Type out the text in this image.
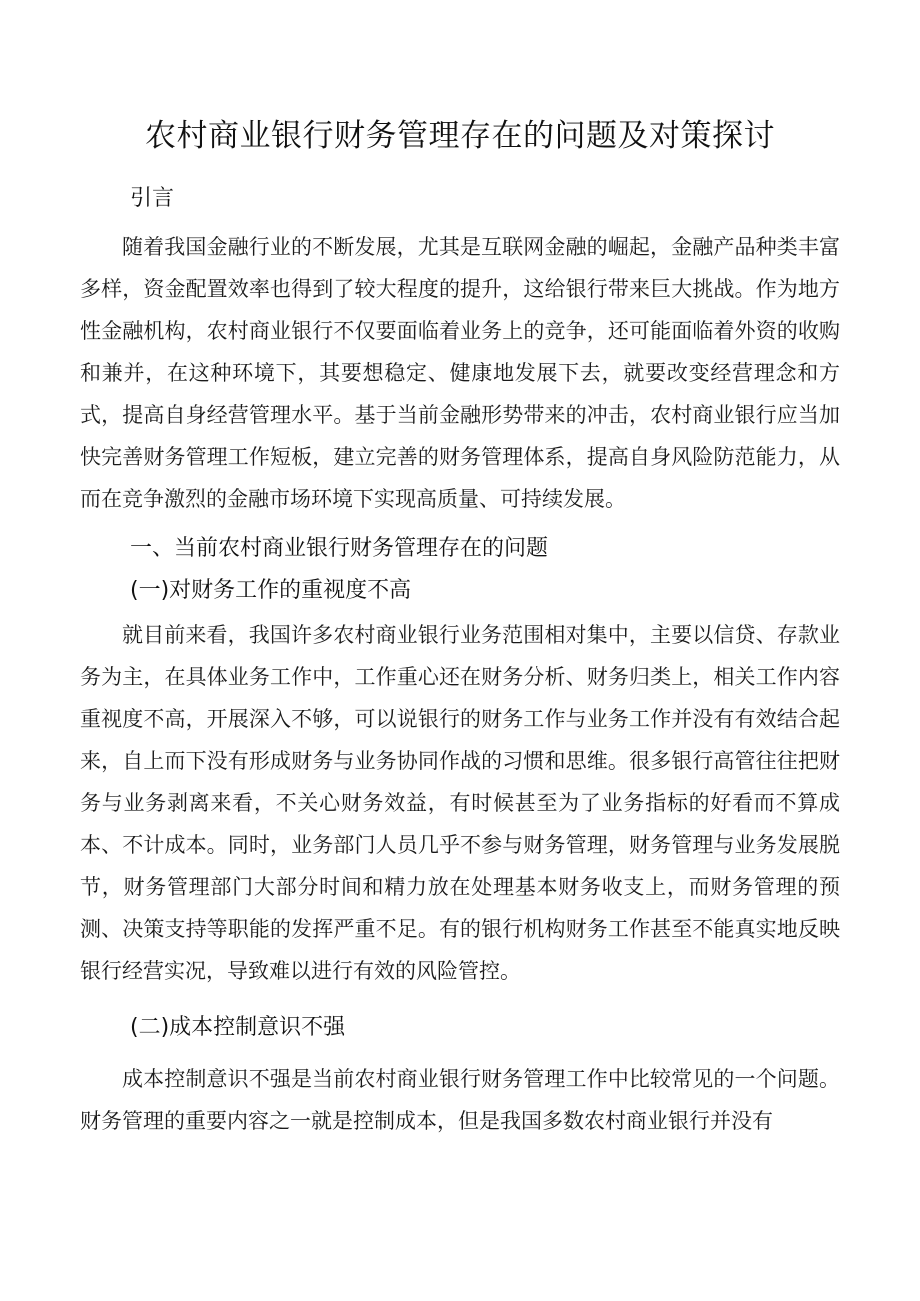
农村商业银行财务管理存在的问题及对策探讨
引言

随着我国金融行业的不断发展，尤其是互联网金融的崛起，金融产品种类丰富多样，资金配置效率也得到了较大程度的提升，这给银行带来巨大挑战。作为地方性金融机构，农村商业银行不仅要面临着业务上的竞争，还可能面临着外资的收购和兼并，在这种环境下，其要想稳定、健康地发展下去，就要改变经营理念和方式，提高自身经营管理水平。基于当前金融形势带来的冲击，农村商业银行应当加快完善财务管理工作短板，建立完善的财务管理体系，提高自身风险防范能力，从而在竞争激烈的金融市场环境下实现高质量、可持续发展。

一、当前农村商业银行财务管理存在的问题
(一)对财务工作的重视度不高

就目前来看，我国许多农村商业银行业务范围相对集中，主要以信贷、存款业务为主，在具体业务工作中，工作重心还在财务分析、财务归类上，相关工作内容重视度不高，开展深入不够，可以说银行的财务工作与业务工作并没有有效结合起来，自上而下没有形成财务与业务协同作战的习惯和思维。很多银行高管往往把财务与业务剥离来看，不关心财务效益，有时候甚至为了业务指标的好看而不算成本、不计成本。同时，业务部门人员几乎不参与财务管理，财务管理与业务发展脱节，财务管理部门大部分时间和精力放在处理基本财务收支上，而财务管理的预测、决策支持等职能的发挥严重不足。有的银行机构财务工作甚至不能真实地反映银行经营实况，导致难以进行有效的风险管控。

(二)成本控制意识不强

成本控制意识不强是当前农村商业银行财务管理工作中比较常见的一个问题。财务管理的重要内容之一就是控制成本，但是我国多数农村商业银行并没有
